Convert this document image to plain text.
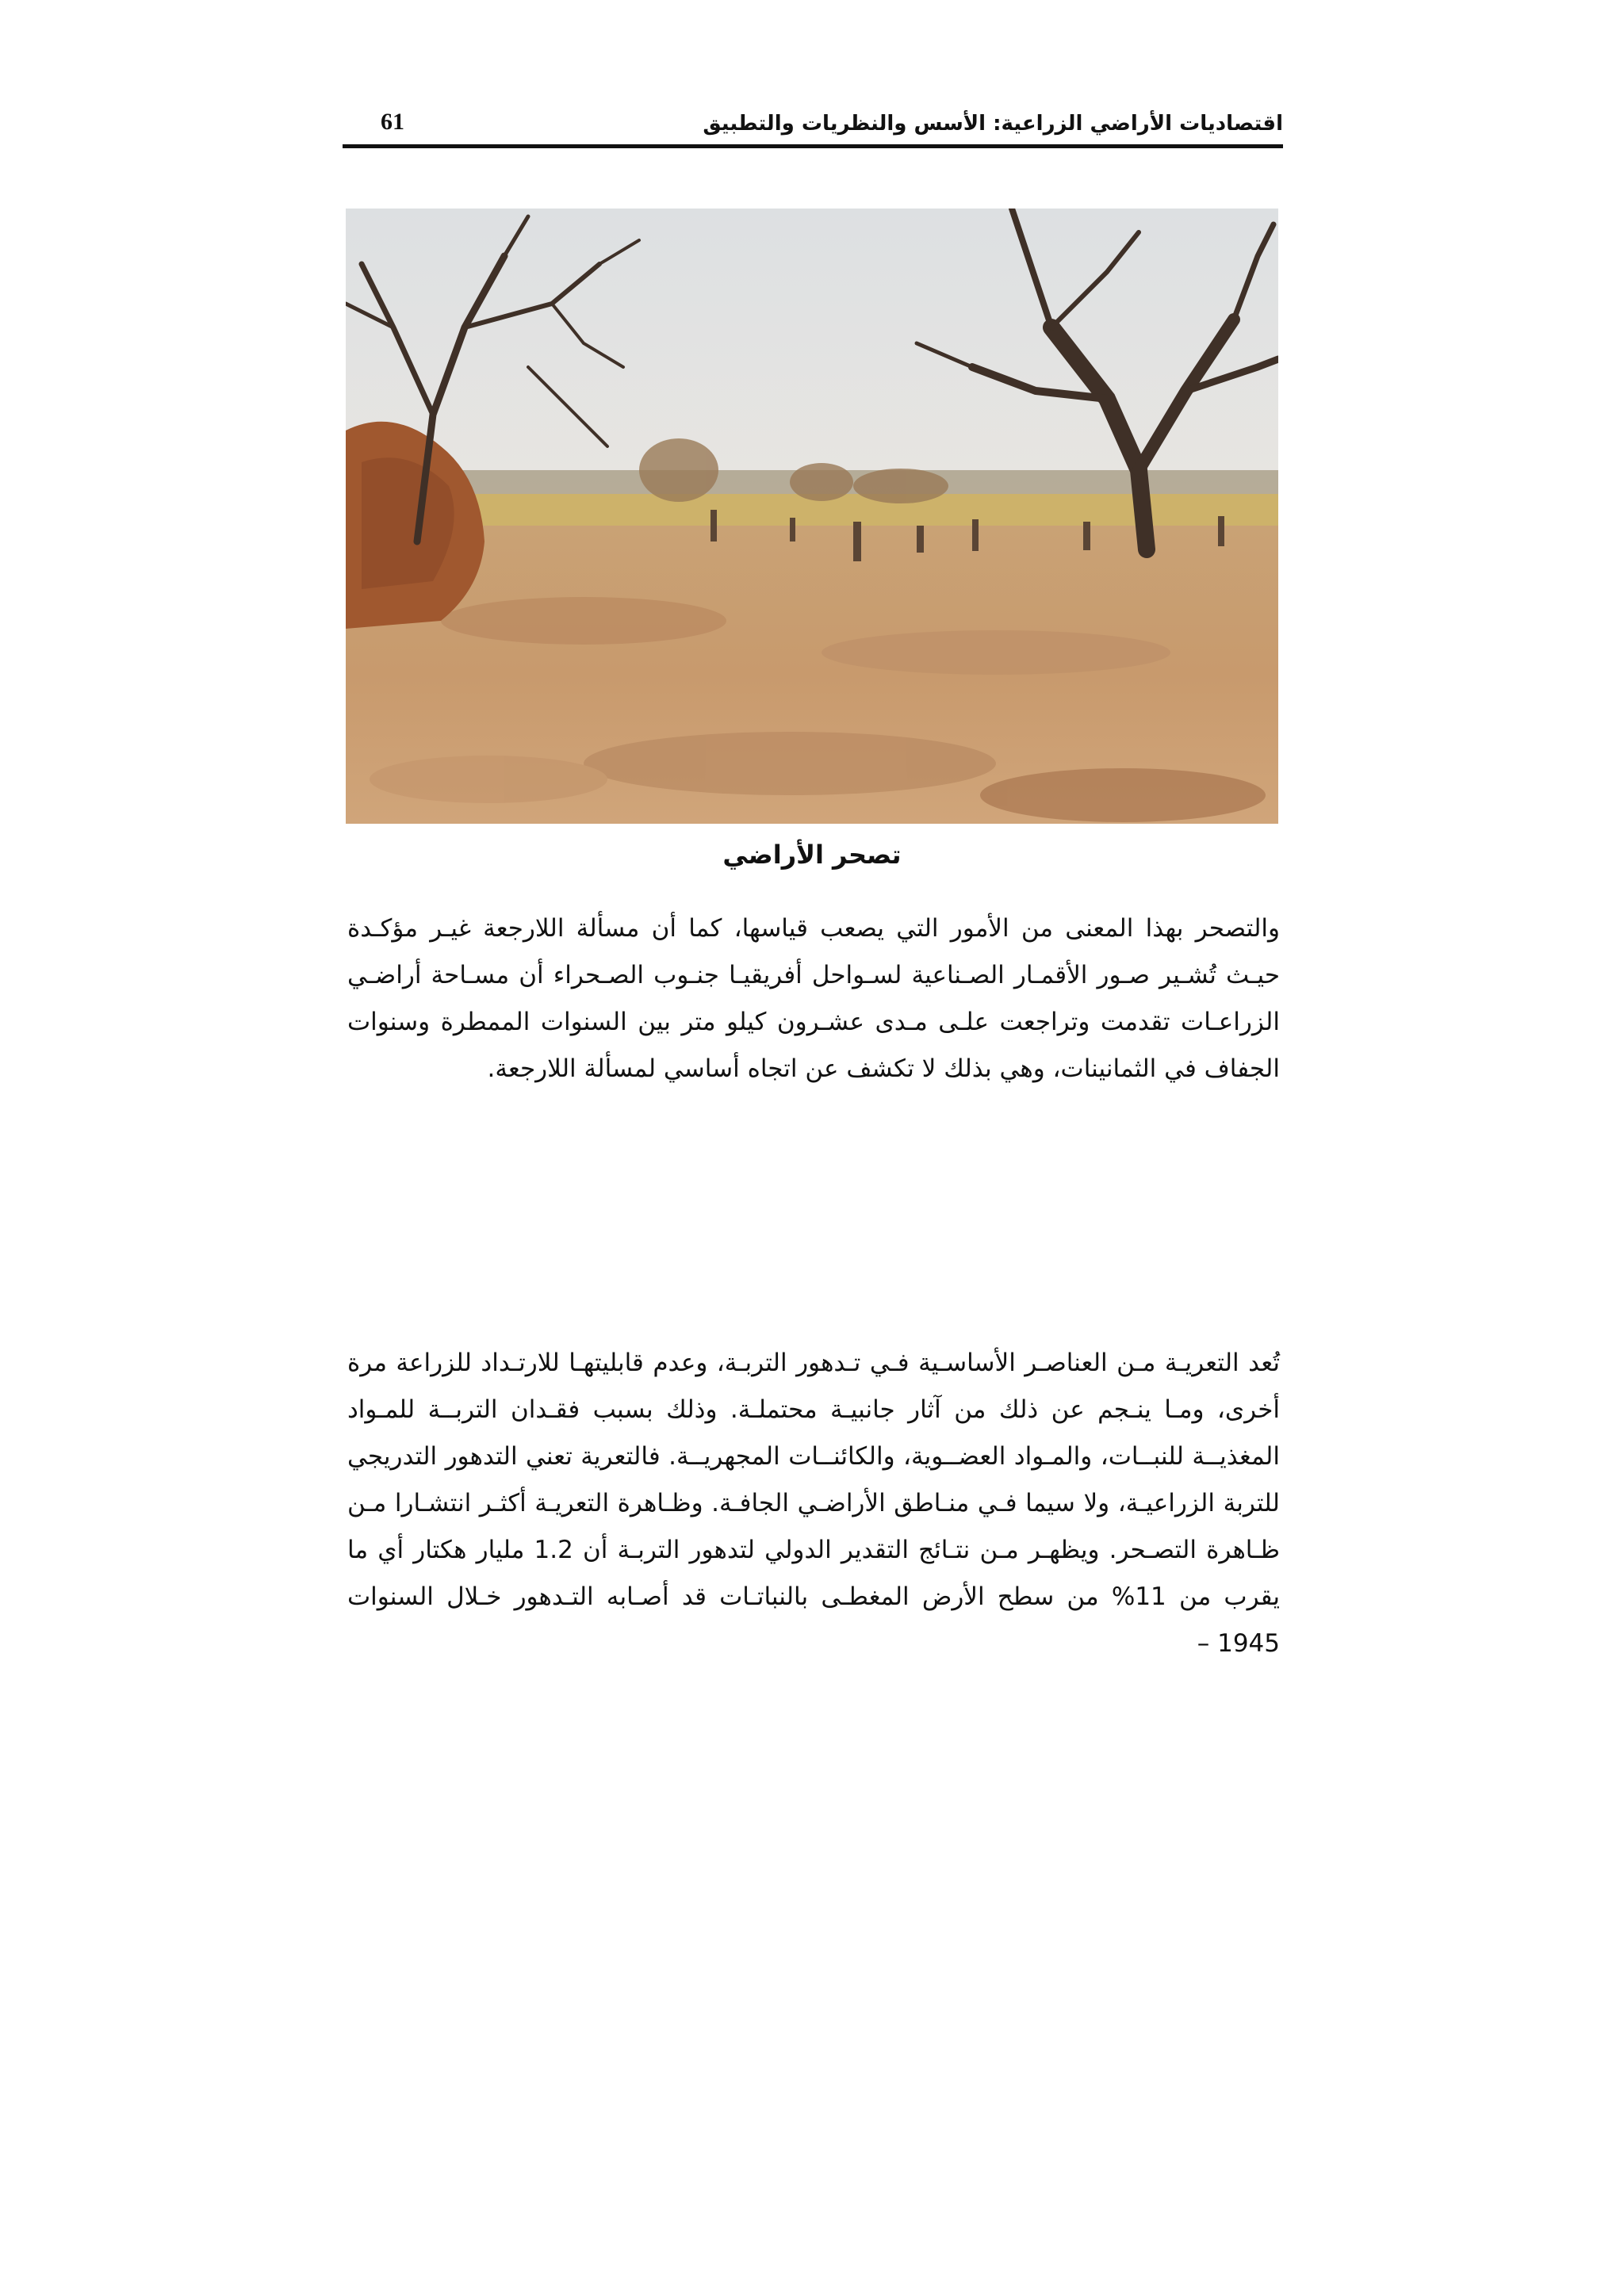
61	اقتصاديات الأراضي الزراعية: الأسس والنظريات والتطبيق
تصحر الأراضي

والتصحر بهذا المعنى من الأمور التي يصعب قياسها، كما أن مسألة اللارجعة غيـر مؤكـدة حيـث تُشـير صـور الأقمـار الصـناعية لسـواحل أفريقيـا جنـوب الصـحراء أن مسـاحة أراضـي الزراعـات تقدمت وتراجعت علـى مـدى عشـرون كيلو متر بين السنوات الممطرة وسنوات الجفاف في الثمانينات، وهي بذلك لا تكشف عن اتجاه أساسي لمسألة اللارجعة.

تُعد التعريـة مـن العناصـر الأساسـية فـي تـدهور التربـة، وعدم قابليتهـا للارتـداد للزراعة مرة أخرى، ومـا ينـجم عن ذلك من آثار جانبيـة محتملـة. وذلك بسبب فقـدان التربــة للمـواد المغذيــة للنبــات، والمـواد العضــوية، والكائنــات المجهريــة. فالتعرية تعني التدهور التدريجي للتربة الزراعيـة، ولا سيما فـي منـاطق الأراضـي الجافـة. وظـاهرة التعريـة أكثـر انتشـارا مـن ظـاهرة التصـحر. ويظهـر مـن نتـائج التقدير الدولي لتدهور التربـة أن 1.2 مليار هكتار أي ما يقرب من 11% من سطح الأرض المغطـى بالنباتـات قد أصـابه التـدهور خـلال السنوات 1945 –
